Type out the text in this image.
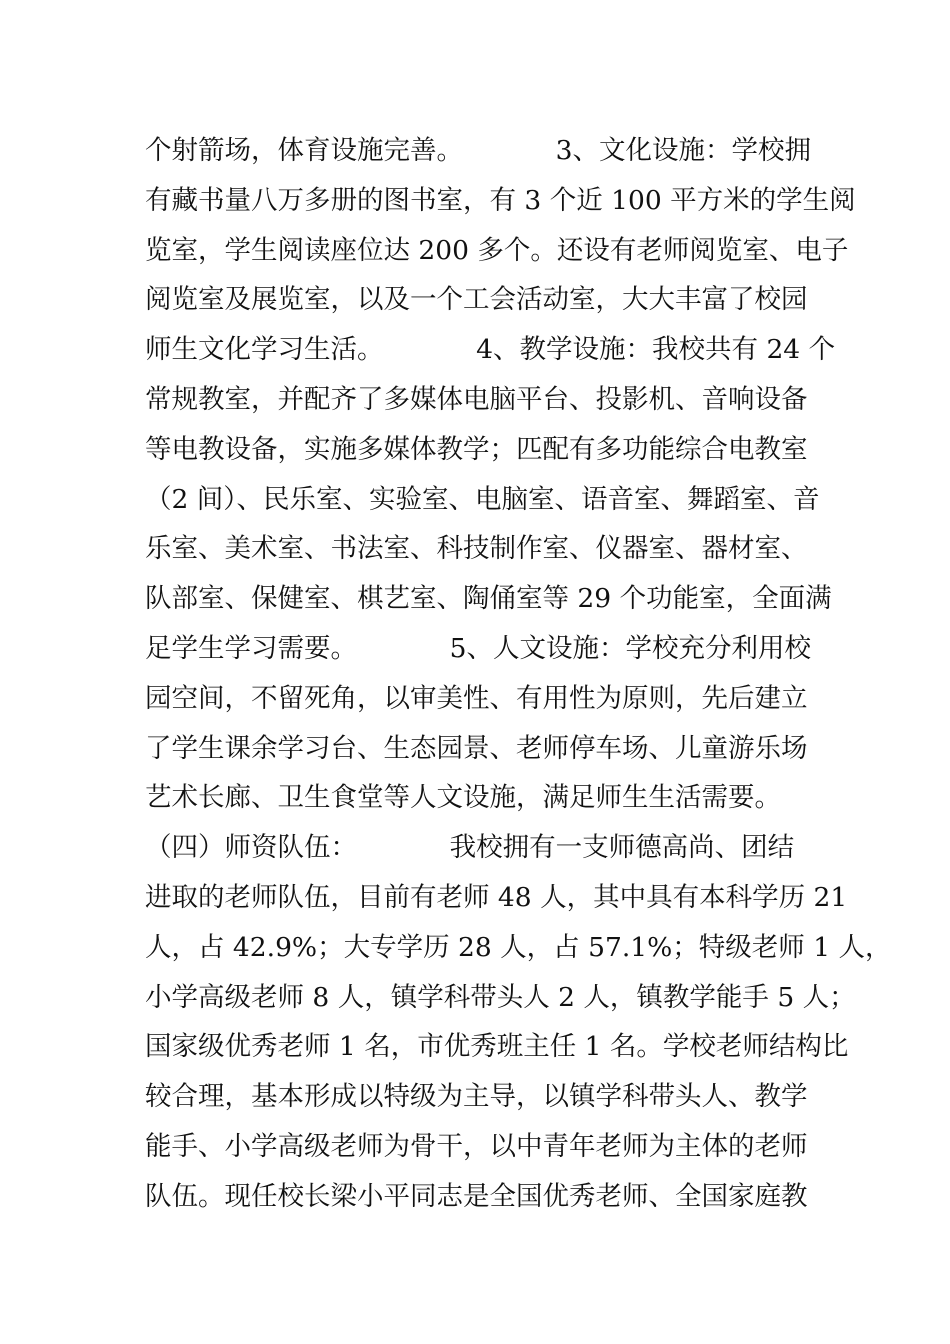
个射箭场，体育设施完善。           3、文化设施：学校拥
有藏书量八万多册的图书室，有 3 个近 100 平方米的学生阅
览室，学生阅读座位达 200 多个。还设有老师阅览室、电子
阅览室及展览室，以及一个工会活动室，大大丰富了校园
师生文化学习生活。           4、教学设施：我校共有 24 个
常规教室，并配齐了多媒体电脑平台、投影机、音响设备
等电教设备，实施多媒体教学；匹配有多功能综合电教室
（2 间）、民乐室、实验室、电脑室、语音室、舞蹈室、音
乐室、美术室、书法室、科技制作室、仪器室、器材室、
队部室、保健室、棋艺室、陶俑室等 29 个功能室，全面满
足学生学习需要。           5、人文设施：学校充分利用校
园空间，不留死角，以审美性、有用性为原则，先后建立
了学生课余学习台、生态园景、老师停车场、儿童游乐场
艺术长廊、卫生食堂等人文设施，满足师生生活需要。
（四）师资队伍：           我校拥有一支师德高尚、团结
进取的老师队伍，目前有老师 48 人，其中具有本科学历 21
人，占 42.9%；大专学历 28 人，占 57.1%；特级老师 1 人，
小学高级老师 8 人，镇学科带头人 2 人，镇教学能手 5 人；
国家级优秀老师 1 名，市优秀班主任 1 名。学校老师结构比
较合理，基本形成以特级为主导，以镇学科带头人、教学
能手、小学高级老师为骨干，以中青年老师为主体的老师
队伍。现任校长梁小平同志是全国优秀老师、全国家庭教
